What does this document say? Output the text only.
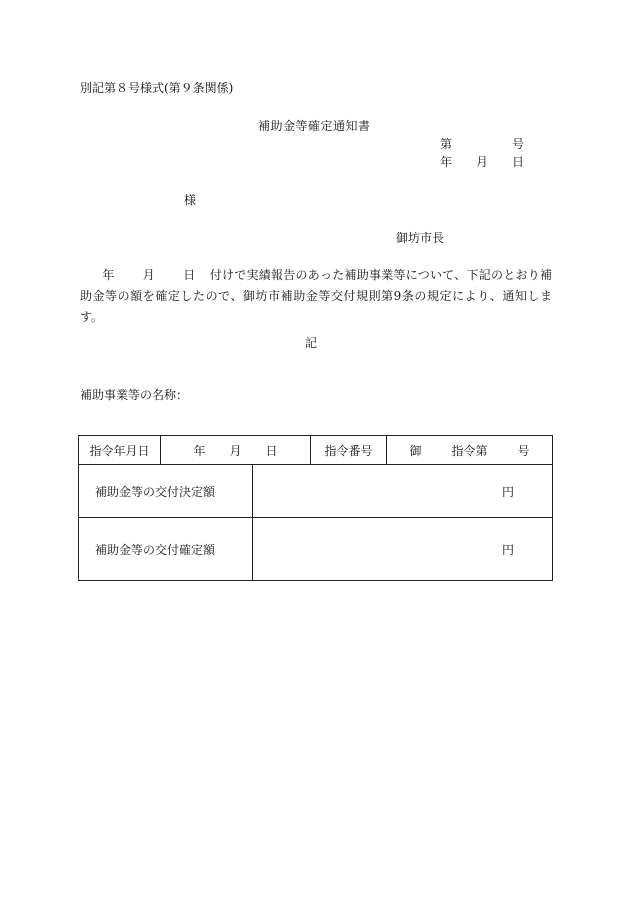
別記第８号様式(第９条関係)
補助金等確定通知書
第	号
年 月 日
様
御坊市長
年 月 日 付けで実績報告のあった補助事業等について、下記のとおり補助金等の額を確定したので、御坊市補助金等交付規則第9条の規定により、通知します。
記
補助事業等の名称：
指令年月日	年 月 日		指令番号	御 指令第 号
補助金等の交付決定額		円		
補助金等の交付確定額		円		
